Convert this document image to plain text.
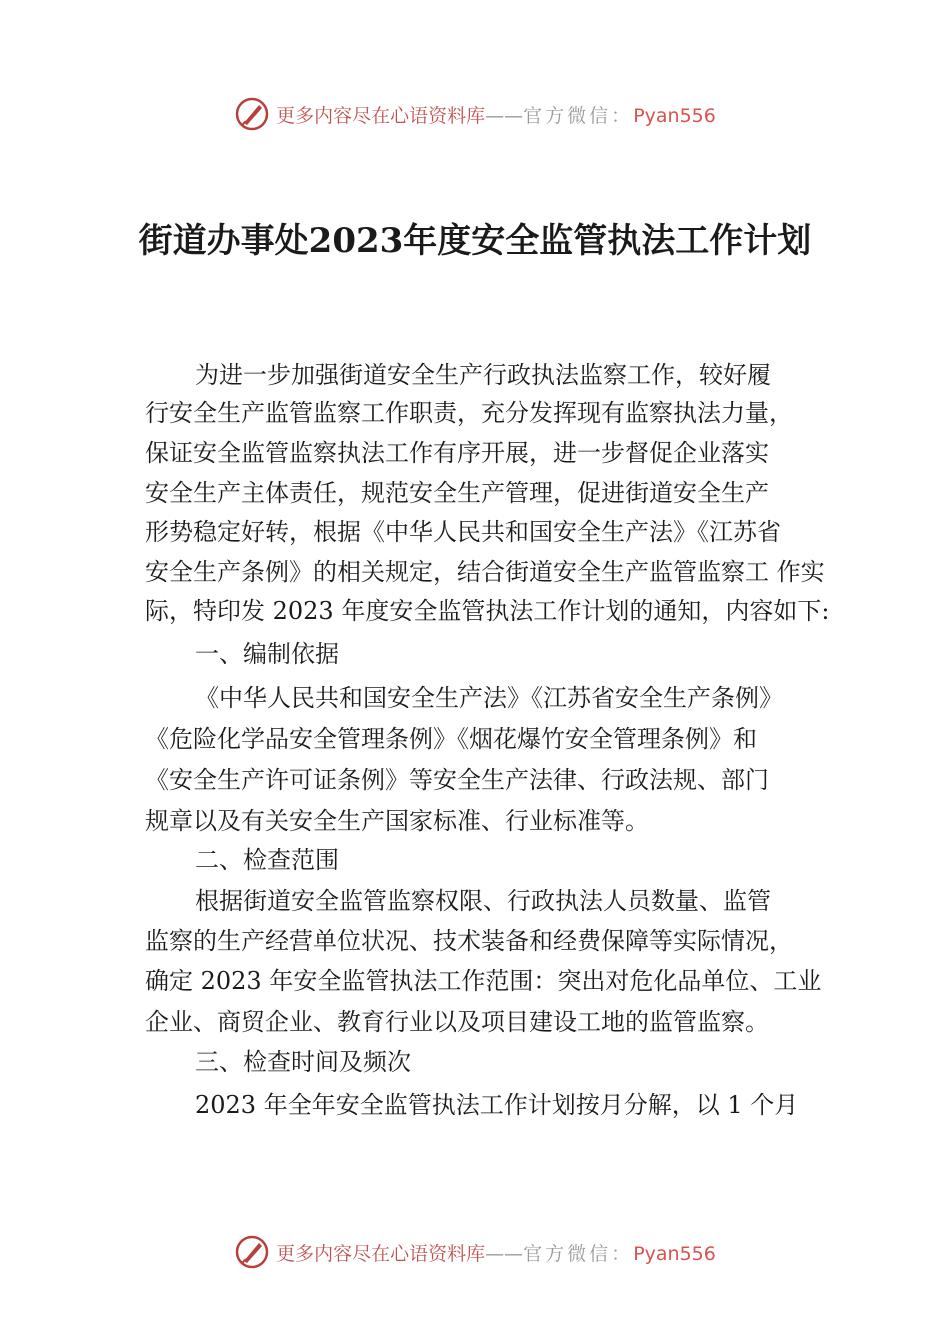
更多内容尽在心语资料库——官方微信：Pyan556
街道办事处2023年度安全监管执法工作计划

为进一步加强街道安全生产行政执法监察工作，较好履

行安全生产监管监察工作职责，充分发挥现有监察执法力量，

保证安全监管监察执法工作有序开展，进一步督促企业落实

安全生产主体责任，规范安全生产管理，促进街道安全生产

形势稳定好转，根据《中华人民共和国安全生产法》《江苏省

安全生产条例》的相关规定，结合街道安全生产监管监察工 作实

际，特印发 2023 年度安全监管执法工作计划的通知，内容如下:

一、编制依据

《中华人民共和国安全生产法》《江苏省安全生产条例》

《危险化学品安全管理条例》《烟花爆竹安全管理条例》和

《安全生产许可证条例》等安全生产法律、行政法规、部门

规章以及有关安全生产国家标准、行业标准等。

二、检查范围

根据街道安全监管监察权限、行政执法人员数量、监管

监察的生产经营单位状况、技术装备和经费保障等实际情况，

确定 2023 年安全监管执法工作范围：突出对危化品单位、工业

企业、商贸企业、教育行业以及项目建设工地的监管监察。

三、检查时间及频次

2023 年全年安全监管执法工作计划按月分解，以 1 个月

更多内容尽在心语资料库——官方微信：Pyan556
